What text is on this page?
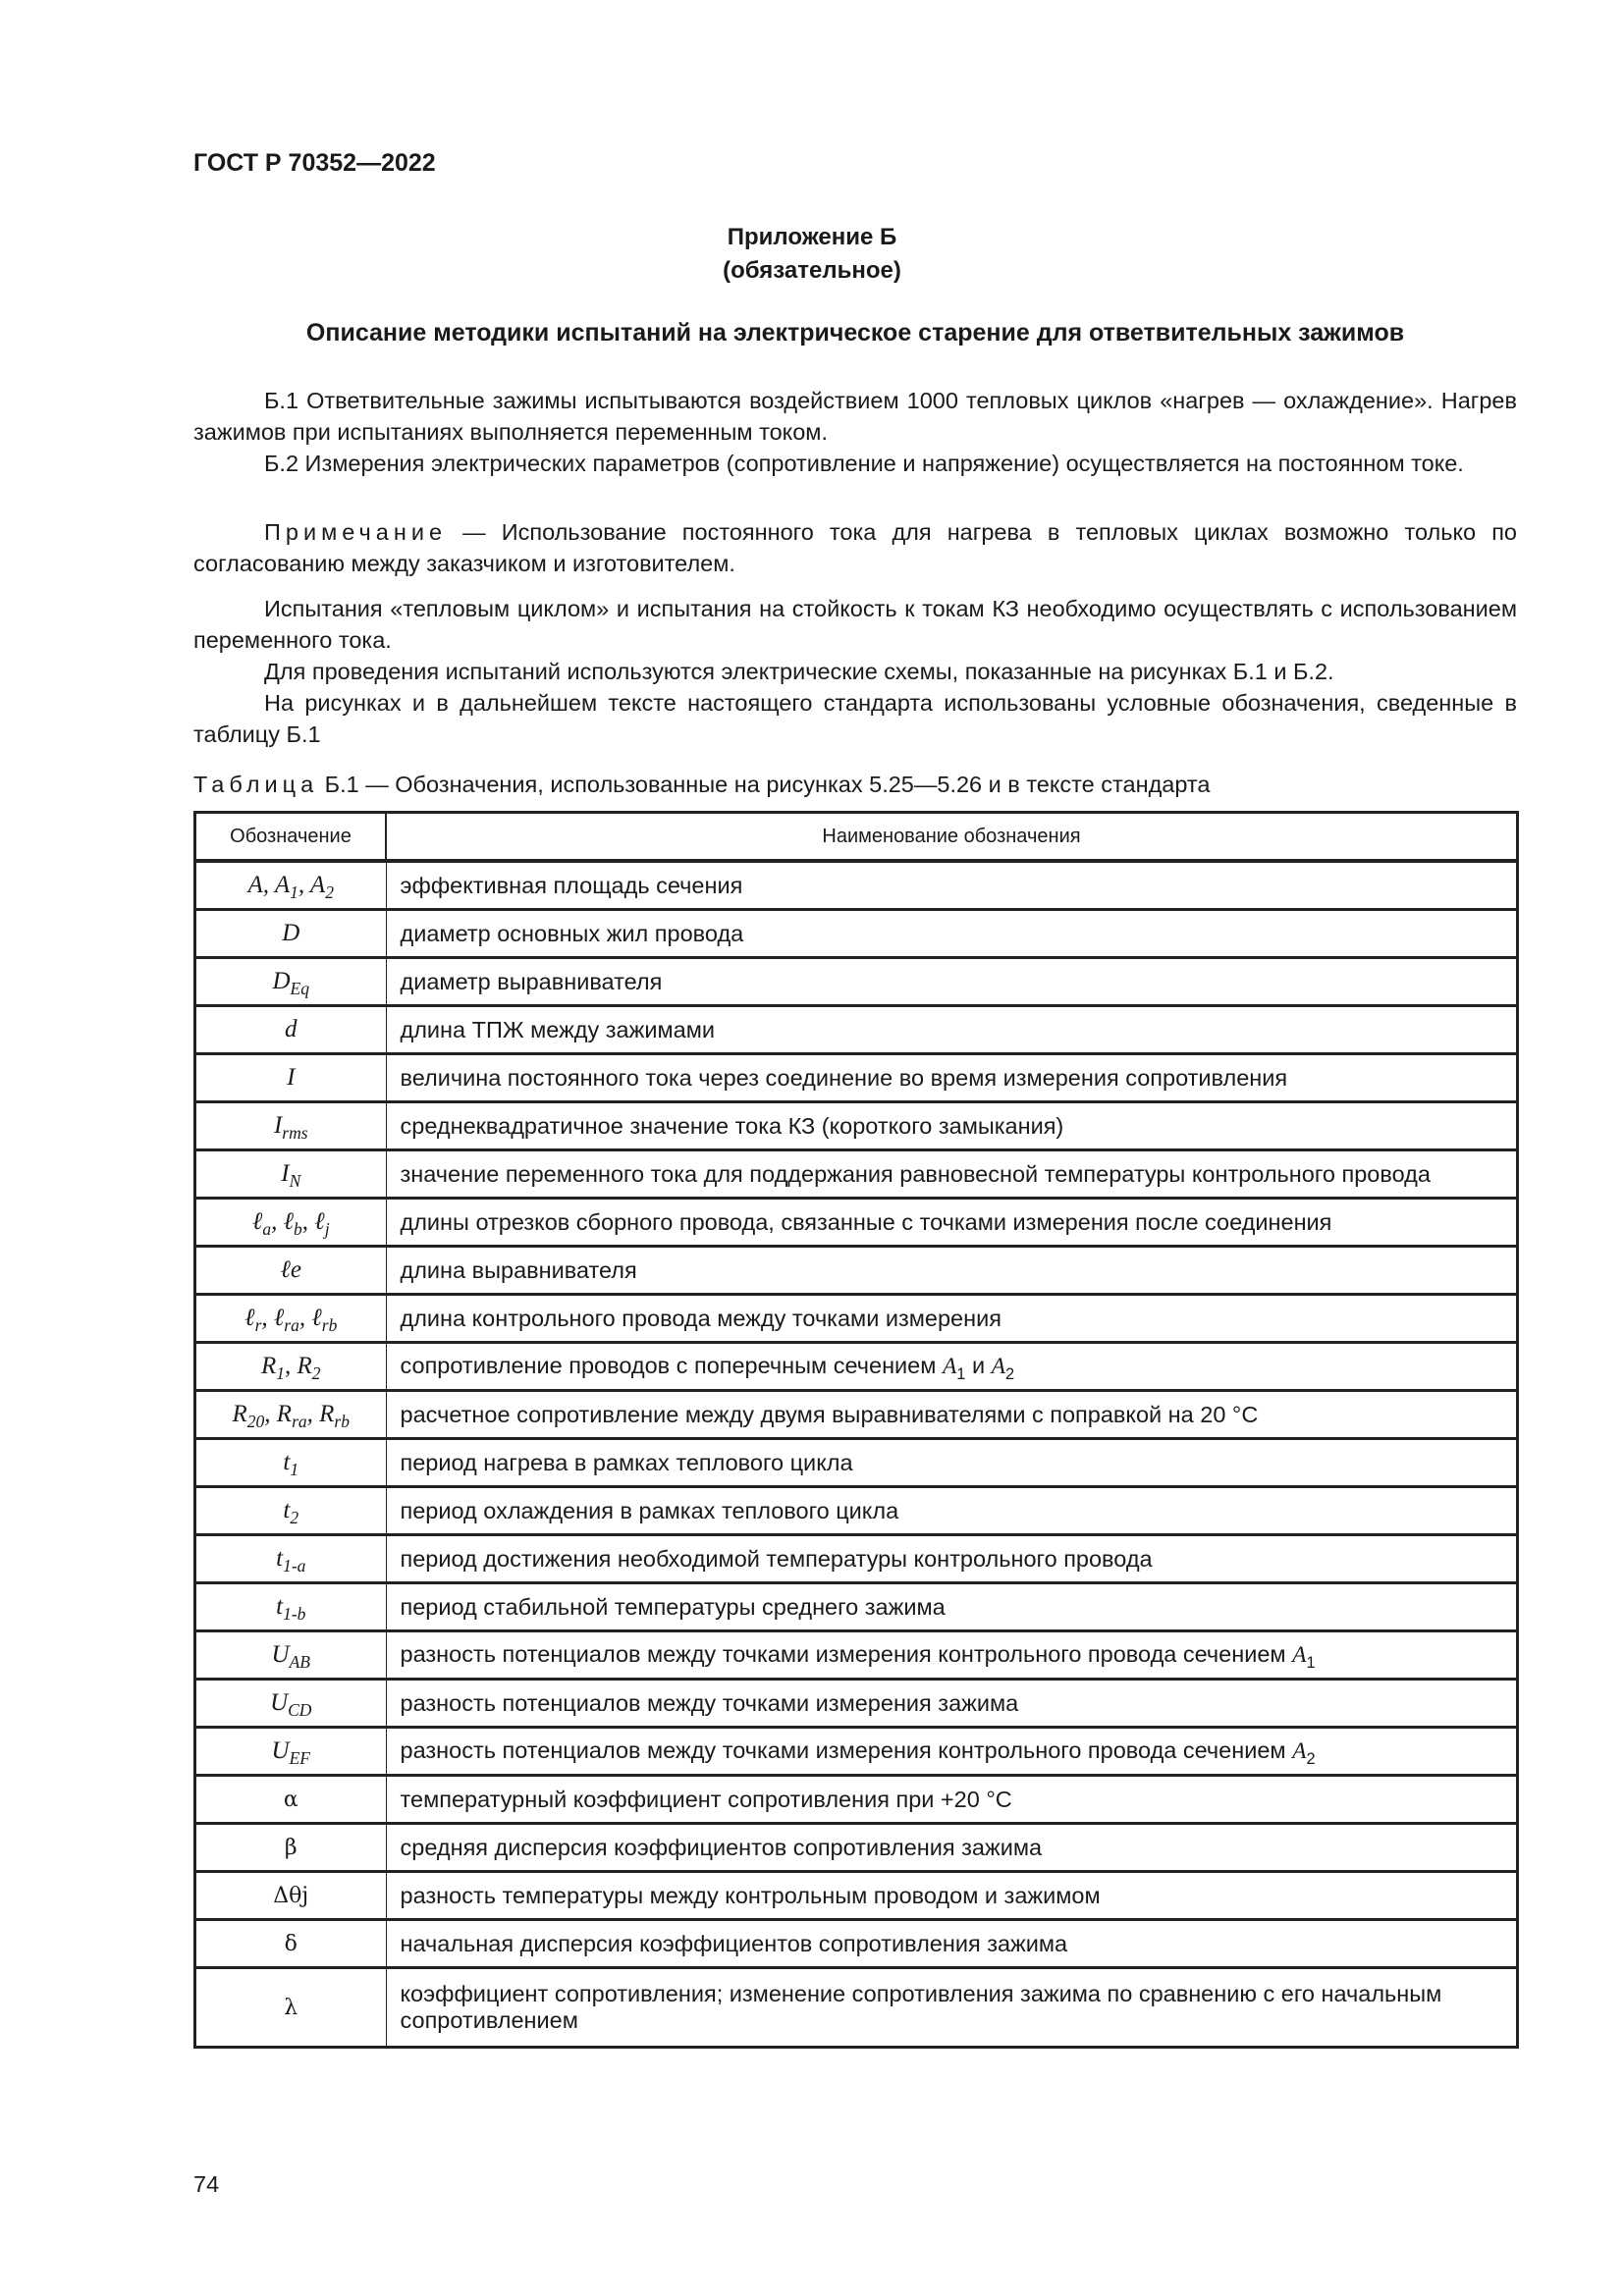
ГОСТ Р 70352—2022
Приложение Б
(обязательное)
Описание методики испытаний на электрическое старение для ответвительных зажимов

Б.1 Ответвительные зажимы испытываются воздействием 1000 тепловых циклов «нагрев — охлаждение». Нагрев зажимов при испытаниях выполняется переменным током.

Б.2 Измерения электрических параметров (сопротивление и напряжение) осуществляется на постоянном токе.

Примечание — Использование постоянного тока для нагрева в тепловых циклах возможно только по согласованию между заказчиком и изготовителем.

Испытания «тепловым циклом» и испытания на стойкость к токам КЗ необходимо осуществлять с использованием переменного тока.

Для проведения испытаний используются электрические схемы, показанные на рисунках Б.1 и Б.2.

На рисунках и в дальнейшем тексте настоящего стандарта использованы условные обозначения, сведенные в таблицу Б.1

Таблица Б.1 — Обозначения, использованные на рисунках 5.25—5.26 и в тексте стандарта
Обозначение	Наименование обозначения
A, $A_1$, $A_2$	эффективная площадь сечения
D	диаметр основных жил провода
$D_{Eq}$	диаметр выравнивателя
d	длина ТПЖ между зажимами
I	величина постоянного тока через соединение во время измерения сопротивления
$I_{rms}$	среднеквадратичное значение тока КЗ (короткого замыкания)
$I_N$	значение переменного тока для поддержания равновесной температуры контрольного провода
ℓ$_a$, ℓ$_b$, ℓ$_j$	длины отрезков сборного провода, связанные с точками измерения после соединения
ℓe	длина выравнивателя
ℓ$_r$, ℓ$_{ra}$, ℓ$_{rb}$	длина контрольного провода между точками измерения
$R_1$, $R_2$	сопротивление проводов с поперечным сечением $A_1$ и $A_2$
$R_{20}$, $R_{ra}$, $R_{rb}$	расчетное сопротивление между двумя выравнивателями с поправкой на 20 °С
$t_1$	период нагрева в рамках теплового цикла
$t_2$	период охлаждения в рамках теплового цикла
$t_{1-a}$	период достижения необходимой температуры контрольного провода
$t_{1-b}$	период стабильной температуры среднего зажима
$U_{AB}$	разность потенциалов между точками измерения контрольного провода сечением $A_1$
$U_{CD}$	разность потенциалов между точками измерения зажима
$U_{EF}$	разность потенциалов между точками измерения контрольного провода сечением $A_2$
α	температурный коэффициент сопротивления при +20 °С
β	средняя дисперсия коэффициентов сопротивления зажима
Δθj	разность температуры между контрольным проводом и зажимом
δ	начальная дисперсия коэффициентов сопротивления зажима
λ	коэффициент сопротивления; изменение сопротивления зажима по сравнению с его начальным сопротивлением
74
